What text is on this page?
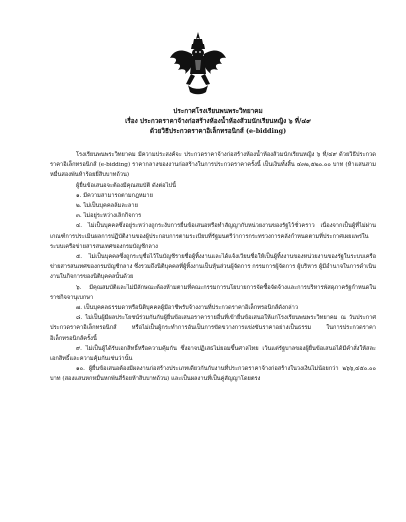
ประกาศโรงเรียนพนพระวิทยาคม
เรื่อง ประกวดราคาจ้างก่อสร้างห้องน้ำห้องส้วมนักเรียนหญิง ๖ ที่/๔๙
ด้วยวิธีประกวดราคาอิเล็กทรอนิกส์ (e-bidding)

โรงเรียนพนพระวิทยาคม มีความประสงค์จะ ประกวดราคาจ้างก่อสร้างห้องน้ำห้องส้วมนักเรียนหญิง ๖ ที่/๔๙ ด้วยวิธีประกวดราคาอิเล็กทรอนิกส์ (e-bidding) ราคากลางของงานก่อสร้างในการประกวดราคาครั้งนี้ เป็นเงินทั้งสิ้น ๔๓๒,๕๒๐.๐๐ บาท (ห้าแสนสามหมื่นสองพันห้าร้อยยี่สิบบาทถ้วน)

ผู้ยื่นข้อเสนอจะต้องมีคุณสมบัติ ดังต่อไปนี้

๑. มีความสามารถตามกฎหมาย

๒. ไม่เป็นบุคคลล้มละลาย

๓. ไม่อยู่ระหว่างเลิกกิจการ

๔. ไม่เป็นบุคคลซึ่งอยู่ระหว่างถูกระงับการยื่นข้อเสนอหรือทำสัญญากับหน่วยงานของรัฐไว้ชั่วคราว เนื่องจากเป็นผู้ที่ไม่ผ่านเกณฑ์การประเมินผลการปฏิบัติงานของผู้ประกอบการตามระเบียบที่รัฐมนตรีว่าการกระทรวงการคลังกำหนดตามที่ประกาศเผยแพร่ในระบบเครือข่ายสารสนเทศของกรมบัญชีกลาง

๕. ไม่เป็นบุคคลซึ่งถูกระบุชื่อไว้ในบัญชีรายชื่อผู้ทิ้งงานและได้แจ้งเวียนชื่อให้เป็นผู้ทิ้งงานของหน่วยงานของรัฐในระบบเครือข่ายสารสนเทศของกรมบัญชีกลาง ซึ่งรวมถึงนิติบุคคลที่ผู้ทิ้งงานเป็นหุ้นส่วนผู้จัดการ กรรมการผู้จัดการ ผู้บริหาร ผู้มีอำนาจในการดำเนินงานในกิจการของนิติบุคคลนั้นด้วย

๖. มีคุณสมบัติและไม่มีลักษณะต้องห้ามตามที่คณะกรรมการนโยบายการจัดซื้อจัดจ้างและการบริหารพัสดุภาครัฐกำหนดในราชกิจจานุเบกษา

๗. เป็นบุคคลธรรมดาหรือนิติบุคคลผู้มีอาชีพรับจ้างงานที่ประกวดราคาอิเล็กทรอนิกส์ดังกล่าว

๘. ไม่เป็นผู้มีผลประโยชน์ร่วมกันกับผู้ยื่นข้อเสนอราคารายอื่นที่เข้ายื่นข้อเสนอให้แก่โรงเรียนพนพระวิทยาคม ณ วันประกาศประกวดราคาอิเล็กทรอนิกส์ หรือไม่เป็นผู้กระทำการอันเป็นการขัดขวางการแข่งขันราคาอย่างเป็นธรรม ในการประกวดราคาอิเล็กทรอนิกส์ครั้งนี้

๙. ไม่เป็นผู้ได้รับเอกสิทธิ์หรือความคุ้มกัน ซึ่งอาจปฏิเสธไม่ยอมขึ้นศาลไทย เว้นแต่รัฐบาลของผู้ยื่นข้อเสนอได้มีคำสั่งให้สละเอกสิทธิ์และความคุ้มกันเช่นว่านั้น

๑๐. ผู้ยื่นข้อเสนอต้องมีผลงานก่อสร้างประเภทเดียวกันกับงานที่ประกวดราคาจ้างก่อสร้างในวงเงินไม่น้อยกว่า ๒๖๖,๔๕๐.๐๐ บาท (สองแสนหกหมื่นหกพันสี่ร้อยห้าสิบบาทถ้วน) และเป็นผลงานที่เป็นคู่สัญญาโดยตรง
